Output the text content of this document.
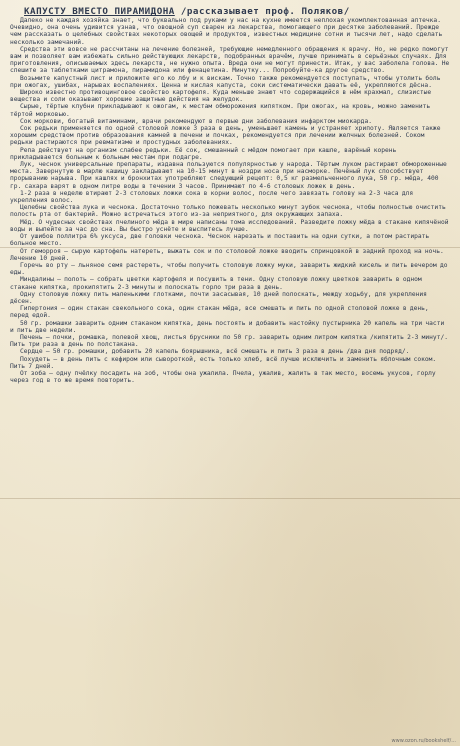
КАПУСТУ ВМЕСТО ПИРАМИДОНА /рассказывает проф. Поляков/

Далеко не каждая хозяйка знает, что буквально под руками у нас на кухне имеется неплохая укомплектованная аптечка. Очевидно, она очень удивится узнав, что овощной суп сварен из лекарства, помогающего при десятке заболеваний. Прежде чем рассказать о целебных свойствах некоторых овощей и продуктов, известных медицине сотни и тысячи лет, надо сделать несколько замечаний.

Средства эти вовсе не рассчитаны на лечение болезней, требующие немедленного обращения к врачу. Но, не редко помогут вам и позволяет вам избежать сильно действующих лекарств, подобранных врачём, лучше принимать в серьёзных случаях. Для приготовления, описываемых здесь лекарств, не нужно опыта. Вреда они не могут принести. Итак, у вас заболела голова. Не спешите за таблетками цитрамона, пирамидона или фенацетина. Минутку... Попробуйте-ка другое средство.

Возьмите капустный лист и приложите его ко лбу и к вискам. Точно также рекомендуется поступать, чтобы утолить боль при ожогах, ушибах, нарывах воспалениях. Ценна и кислая капуста, соки систематически давать её, укрепляются дёсна.

Широко известно противоцинговое свойство картофеля. Куда меньше знают что содержащийся в нём крахмал, слизистые вещества и соли оказывают хорошие защитные действия на желудок.

Сырые, тёртые клубни прикладывают к ожогам, к местам обморожения кипятком. При ожогах, на кровь, можно заменить тёртой морковью.

Сок моркови, богатый витаминами, врачи рекомендуют в первые дни заболевания инфарктом миокарда.

Сок редьки применяется по одной столовой ложке 3 раза в день, уменьшает камень и устраняет хрипоту. Является также хорошим средством против образования камней в печени и почках, рекомендуется при лечении желчных болезней. Соком редьки растираются при ревматизме и простудных заболеваниях.

Репа действует на организм слабее редьки. Её сок, смешанный с мёдом помогает при кашле, варёный корень прикладывается больным к больным местам при подагре.

Лук, чеснок универсальные препараты, издавна пользуются популярностью у народа. Тёртым луком растирают обмороженные места. Завернутую в марлю кашицу закладывают на 10-15 минут в ноздри носа при насморке. Печёный лук способствует прорыванию нарыва. При кашлях и бронхитах употребляют следующий рецепт: 0,5 кг размельченного лука, 50 гр. мёда, 400 гр. сахара варят в одном литре воды в течении 3 часов. Принимают по 4-6 столовых ложек в день.

1-2 раза в неделю втирают 2-3 столовых ложки сока в корни волос, после чего завязать голову на 2-3 часа для укрепления волос.

Целебны свойства лука и чеснока. Достаточно только пожевать несколько минут зубок чеснока, чтобы полностью очистить полость рта от бактерий. Можно встречаться этого из-за неприятного, для окружающих запаха.

Мёд. О чудесных свойствах пчелиного мёда в мире написаны тома исследований. Разведите ложку мёда в стакане кипячёной воды и выпейте за час до сна. Вы быстро уснёте и выспитесь лучше.

От ушибов поллитра 6% уксуса, две головки чеснока. Чеснок нарезать и поставить на одни сутки, а потом растирать больное место.

От геморроя — сырую картофель натереть, выжать сок и по столовой ложке вводить спринцовкой в задний проход на ночь. Лечение 10 дней.

Горечь во рту — льняное семя растереть, чтобы получить столовую ложку муки, заварить жидкий кисель и пить вечером до еды.

Миндалины — полоть — собрать цветки картофеля и посушить в тени. Одну столовую ложку цветков заварить в одном стакане кипятка, прокипятить 2-3 минуты и полоскать горло три раза в день.

Одну столовую ложку пить маленькими глотками, почти засасывая, 10 дней полоскать, между ходьбу, для укрепления дёсен.

Гипертония — один стакан свекольного сока, один стакан мёда, все смешать и пить по одной столовой ложке в день, перед едой.

50 гр. ромашки заварить одним стаканом кипятка, день постоять и добавить настойку пустырника 20 капель на три части и пить две недели.

Печень — почки, ромашка, полевой хвощ, листья брусники по 50 гр. заварить одним литром кипятка /кипятить 2-3 минут/. Пить три раза в день по полстакана.

Сердце — 50 гр. ромашки, добавить 20 капель боярышника, всё смешать и пить 3 раза в день /два дня подряд/.

Похудеть — в день пить с кефиром или сывороткой, есть только хлеб, всё лучше исключить и заменить яблочным соком. Пить 7 дней.

От зоба — одну пчёлку посадить на зоб, чтобы она ужалила. Пчела, ужалив, жалить в так место, восемь укусов, горлу через год в то же время повторить.

www.ozon.ru/bookshelf/...
